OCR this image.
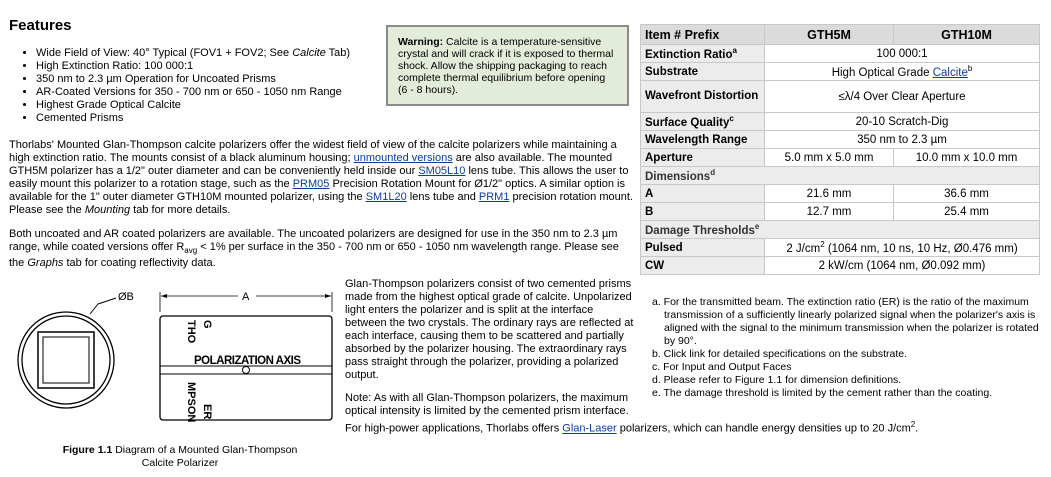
Features
• Wide Field of View: 40° Typical (FOV1 + FOV2; See Calcite Tab)
• High Extinction Ratio: 100 000:1
• 350 nm to 2.3 µm Operation for Uncoated Prisms
• AR-Coated Versions for 350 - 700 nm or 650 - 1050 nm Range
• Highest Grade Optical Calcite
• Cemented Prisms
Warning: Calcite is a temperature-sensitive crystal and will crack if it is exposed to thermal shock. Allow the shipping packaging to reach complete thermal equilibrium before opening (6 - 8 hours).
Thorlabs' Mounted Glan-Thompson calcite polarizers offer the widest field of view of the calcite polarizers while maintaining a high extinction ratio. The mounts consist of a black aluminum housing; unmounted versions are also available. The mounted GTH5M polarizer has a 1/2" outer diameter and can be conveniently held inside our SM05L10 lens tube. This allows the user to easily mount this polarizer to a rotation stage, such as the PRM05 Precision Rotation Mount for Ø1/2" optics. A similar option is available for the 1" outer diameter GTH10M mounted polarizer, using the SM1L20 lens tube and PRM1 precision rotation mount. Please see the Mounting tab for more details.
Both uncoated and AR coated polarizers are available. The uncoated polarizers are designed for use in the 350 nm to 2.3 µm range, while coated versions offer $R_{avg} < 1\%$ per surface in the 350 - 700 nm or 650 - 1050 nm wavelength range. Please see the Graphs tab for coating reflectivity data.
ØB	A
POLARIZATION AXIS
THO G
MPSON ER
Figure 1.1 Diagram of a Mounted Glan-Thompson Calcite Polarizer
Glan-Thompson polarizers consist of two cemented prisms made from the highest optical grade of calcite. Unpolarized light enters the polarizer and is split at the interface between the two crystals. The ordinary rays are reflected at each interface, causing them to be scattered and partially absorbed by the polarizer housing. The extraordinary rays pass straight through the polarizer, providing a polarized output.
Note: As with all Glan-Thompson polarizers, the maximum optical intensity is limited by the cemented prism interface.
For high-power applications, Thorlabs offers Glan-Laser polarizers, which can handle energy densities up to 20 $J/cm^2$.
Item # Prefix	GTH5M	GTH10M
Extinction Ratio$^a$	100 000:1	
Substrate	High Optical Grade Calcite$^b$
Wavefront Distortion	≤λ/4 Over Clear Aperture	
Surface Quality$^c$	20-10 Scratch-Dig	
Wavelength Range	350 nm to 2.3 µm	
Aperture	5.0 mm x 5.0 mm	10.0 mm x 10.0 mm
Dimensions$^d$
A	21.6 mm	36.6 mm
B	12.7 mm	25.4 mm
Damage Thresholds$^e$
Pulsed	2 $J/cm^2$ (1064 nm, 10 ns, 10 Hz, Ø0.476 mm)	
CW	2 kW/cm (1064 nm, Ø0.092 mm)	
a. For the transmitted beam. The extinction ratio (ER) is the ratio of the maximum transmission of a sufficiently linearly polarized signal when the polarizer's axis is aligned with the signal to the minimum transmission when the polarizer is rotated by 90°.
b. Click link for detailed specifications on the substrate.
c. For Input and Output Faces
d. Please refer to Figure 1.1 for dimension definitions.
e. The damage threshold is limited by the cement rather than the coating.
